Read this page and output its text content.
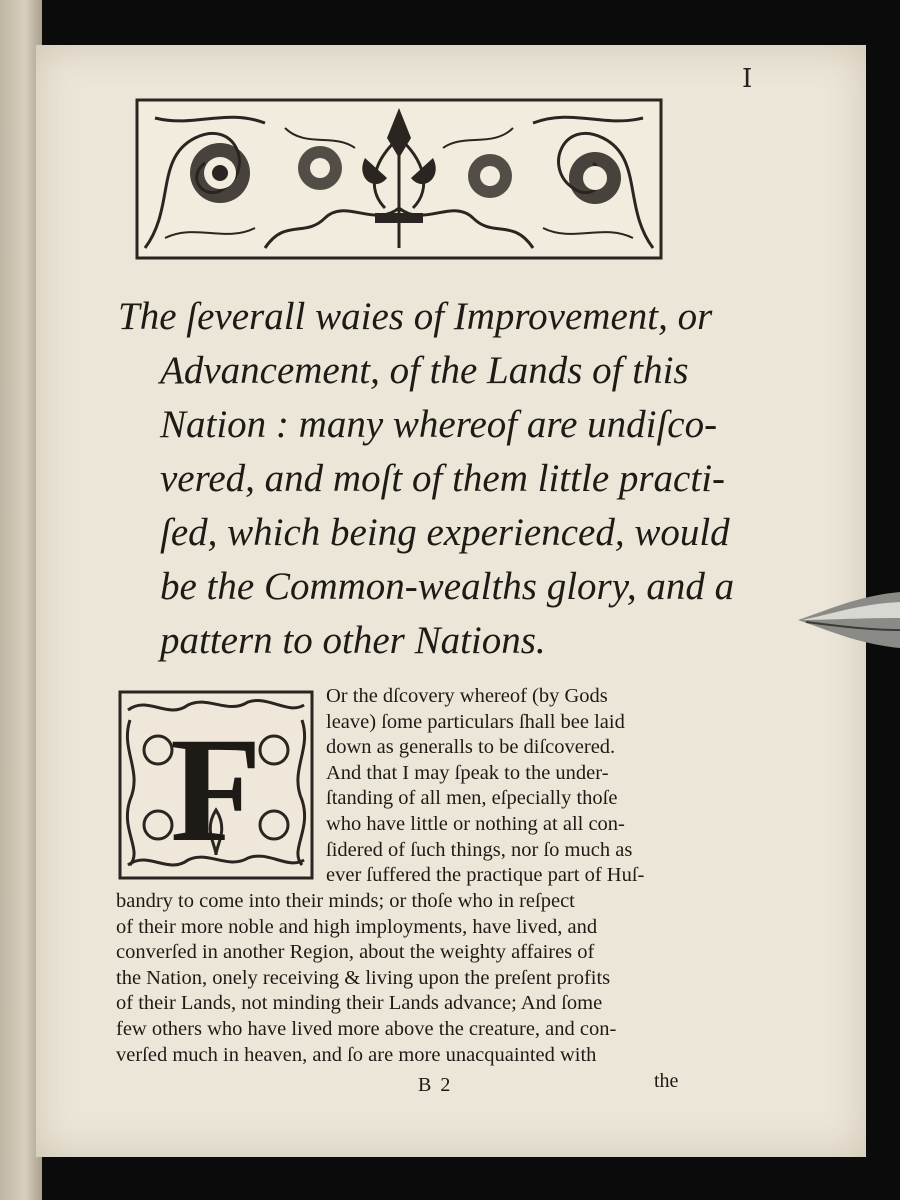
I
The ſeverall waies of Improvement, or
Advancement, of the Lands of this
Nation : many whereof are undiſco-
vered, and moſt of them little practi-
ſed, which being experienced, would
be the Common-wealths glory, and a
pattern to other Nations.
F
Or the dſcovery whereof (by Gods
leave) ſome particulars ſhall bee laid
down as generalls to be diſcovered.
And that I may ſpeak to the under-
ſtanding of all men, eſpecially thoſe
who have little or nothing at all con-
ſidered of ſuch things, nor ſo much as
ever ſuffered the practique part of Huſ-
bandry to come into their minds; or thoſe who in reſpect
of their more noble and high imployments, have lived, and
converſed in another Region, about the weighty affaires of
the Nation, onely receiving & living upon the preſent profits
of their Lands, not minding their Lands advance; And ſome
few others who have lived more above the creature, and con-
verſed much in heaven, and ſo are more unacquainted with
B 2	the
